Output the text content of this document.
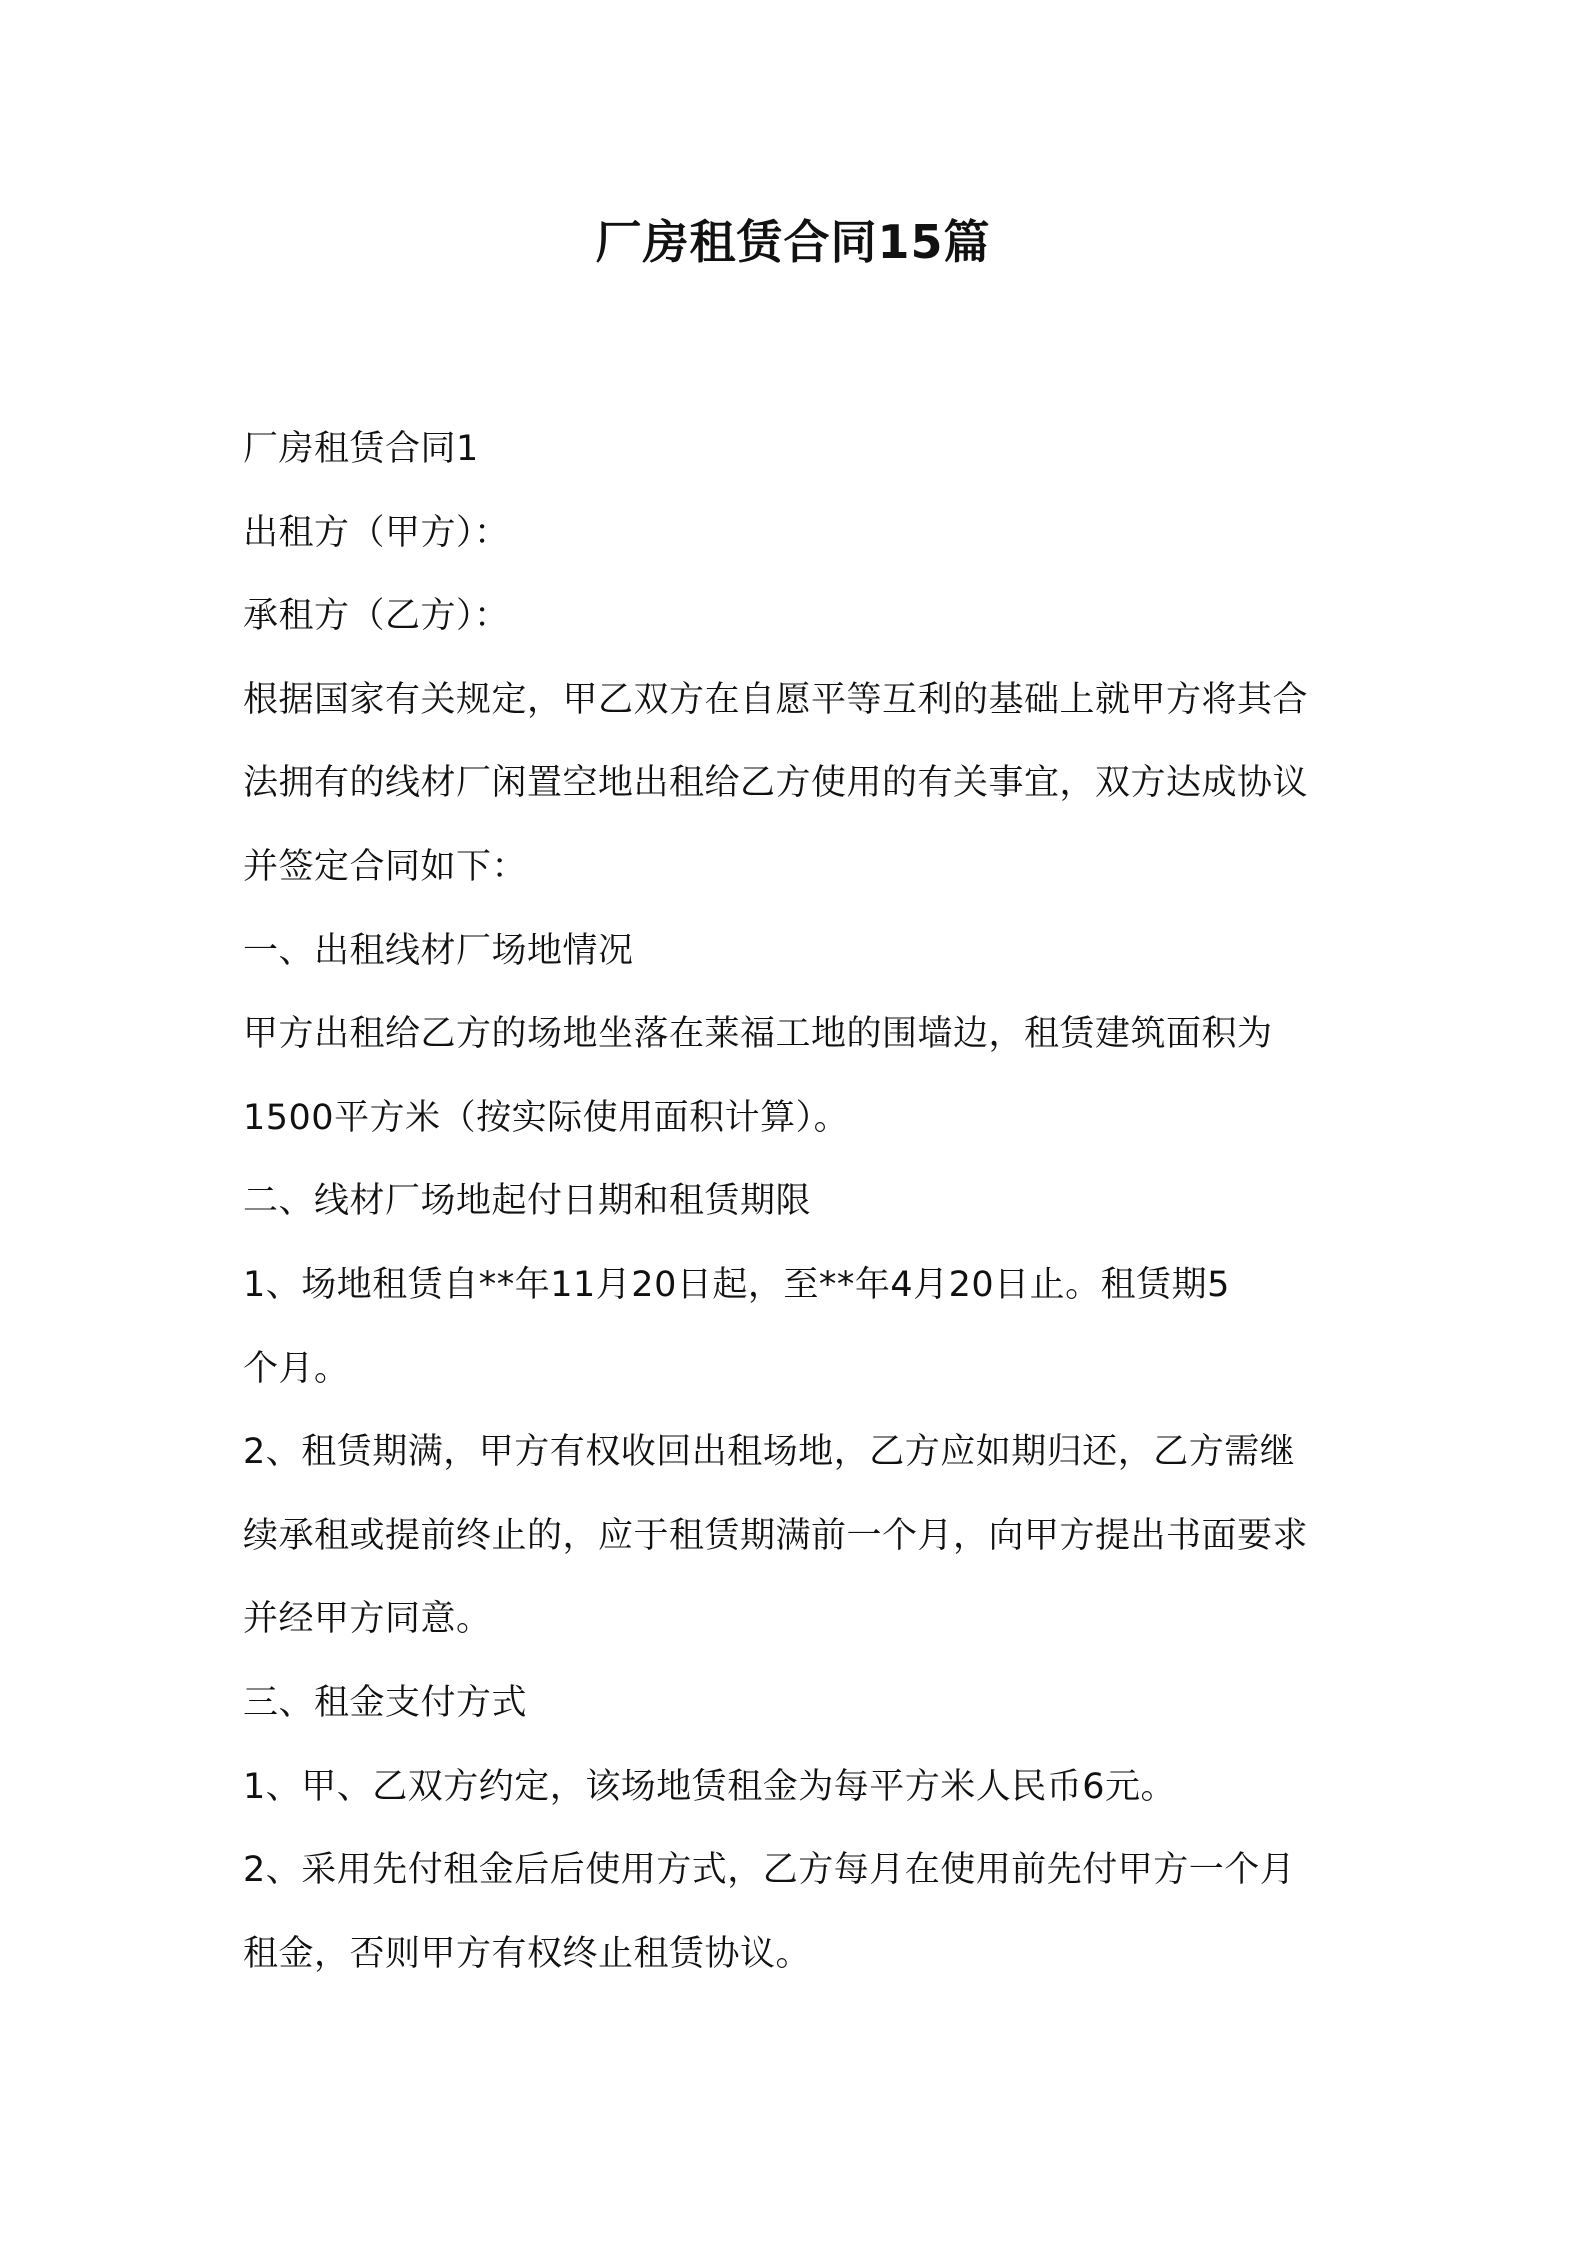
厂房租赁合同15篇

厂房租赁合同1

出租方（甲方）：

承租方（乙方）：

根据国家有关规定，甲乙双方在自愿平等互利的基础上就甲方将其合

法拥有的线材厂闲置空地出租给乙方使用的有关事宜，双方达成协议

并签定合同如下：

一、出租线材厂场地情况

甲方出租给乙方的场地坐落在莱福工地的围墙边，租赁建筑面积为

1500平方米（按实际使用面积计算）。

二、线材厂场地起付日期和租赁期限

1、场地租赁自**年11月20日起，至**年4月20日止。租赁期5

个月。

2、租赁期满，甲方有权收回出租场地，乙方应如期归还，乙方需继

续承租或提前终止的，应于租赁期满前一个月，向甲方提出书面要求

并经甲方同意。

三、租金支付方式

1、甲、乙双方约定，该场地赁租金为每平方米人民币6元。

2、采用先付租金后后使用方式，乙方每月在使用前先付甲方一个月

租金，否则甲方有权终止租赁协议。
